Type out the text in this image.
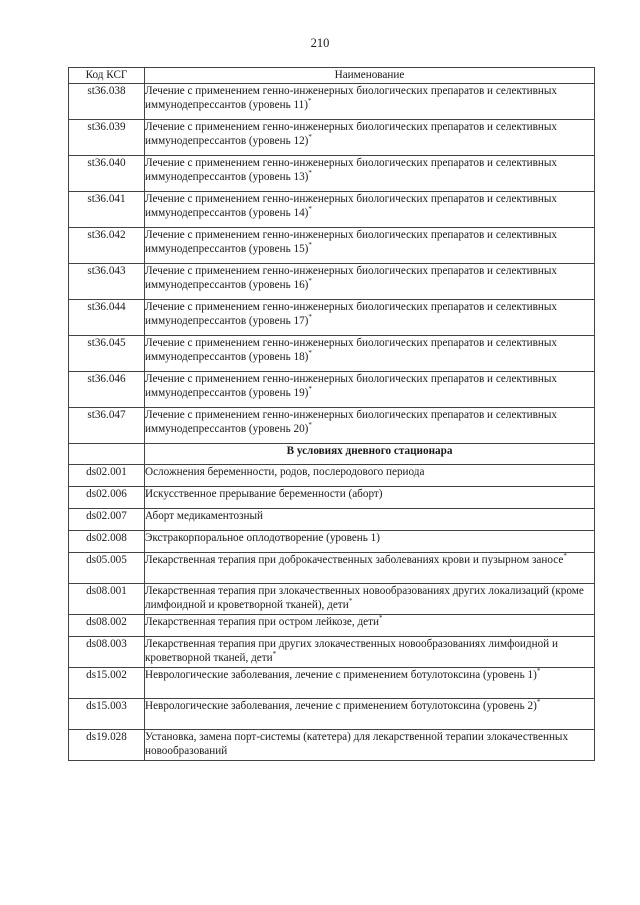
210
Код КСГ	Наименование
st36.038	Лечение с применением генно-инженерных биологических препаратов и селективных иммунодепрессантов (уровень 11)*
st36.039	Лечение с применением генно-инженерных биологических препаратов и селективных иммунодепрессантов (уровень 12)*
st36.040	Лечение с применением генно-инженерных биологических препаратов и селективных иммунодепрессантов (уровень 13)*
st36.041	Лечение с применением генно-инженерных биологических препаратов и селективных иммунодепрессантов (уровень 14)*
st36.042	Лечение с применением генно-инженерных биологических препаратов и селективных иммунодепрессантов (уровень 15)*
st36.043	Лечение с применением генно-инженерных биологических препаратов и селективных иммунодепрессантов (уровень 16)*
st36.044	Лечение с применением генно-инженерных биологических препаратов и селективных иммунодепрессантов (уровень 17)*
st36.045	Лечение с применением генно-инженерных биологических препаратов и селективных иммунодепрессантов (уровень 18)*
st36.046	Лечение с применением генно-инженерных биологических препаратов и селективных иммунодепрессантов (уровень 19)*
st36.047	Лечение с применением генно-инженерных биологических препаратов и селективных иммунодепрессантов (уровень 20)*
	В условиях дневного стационара
ds02.001	Осложнения беременности, родов, послеродового периода
ds02.006	Искусственное прерывание беременности (аборт)
ds02.007	Аборт медикаментозный
ds02.008	Экстракорпоральное оплодотворение (уровень 1)
ds05.005	Лекарственная терапия при доброкачественных заболеваниях крови и пузырном заносе*
ds08.001	Лекарственная терапия при злокачественных новообразованиях других локализаций (кроме лимфоидной и кроветворной тканей), дети*
ds08.002	Лекарственная терапия при остром лейкозе, дети*
ds08.003	Лекарственная терапия при других злокачественных новообразованиях лимфоидной и кроветворной тканей, дети*
ds15.002	Неврологические заболевания, лечение с применением ботулотоксина (уровень 1)*
ds15.003	Неврологические заболевания, лечение с применением ботулотоксина (уровень 2)*
ds19.028	Установка, замена порт-системы (катетера) для лекарственной терапии злокачественных новообразований
